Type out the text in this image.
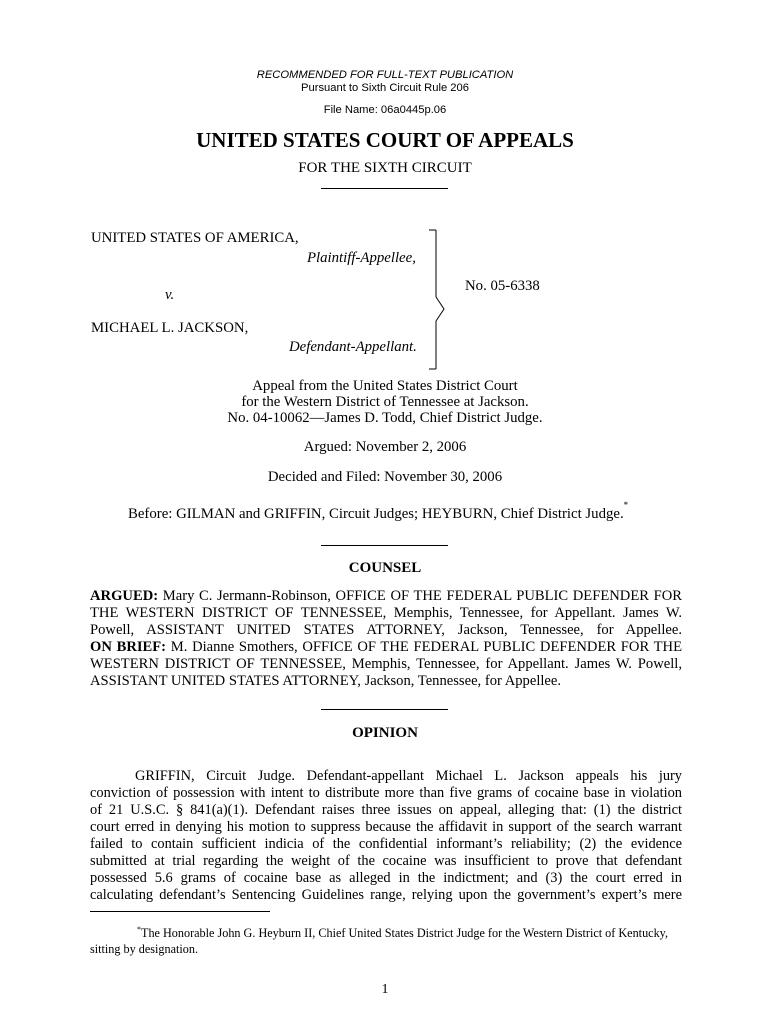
RECOMMENDED FOR FULL-TEXT PUBLICATION
Pursuant to Sixth Circuit Rule 206
File Name: 06a0445p.06
UNITED STATES COURT OF APPEALS
FOR THE SIXTH CIRCUIT
UNITED STATES OF AMERICA,
Plaintiff-Appellee,
v.
MICHAEL L. JACKSON,
Defendant-Appellant.
No. 05-6338
Appeal from the United States District Court
for the Western District of Tennessee at Jackson.
No. 04-10062—James D. Todd, Chief District Judge.
Argued: November 2, 2006
Decided and Filed: November 30, 2006
Before: GILMAN and GRIFFIN, Circuit Judges; HEYBURN, Chief District Judge.*
COUNSEL
ARGUED: Mary C. Jermann-Robinson, OFFICE OF THE FEDERAL PUBLIC DEFENDER FOR
THE WESTERN DISTRICT OF TENNESSEE, Memphis, Tennessee, for Appellant. James W.
Powell, ASSISTANT UNITED STATES ATTORNEY, Jackson, Tennessee, for Appellee.
ON BRIEF: M. Dianne Smothers, OFFICE OF THE FEDERAL PUBLIC DEFENDER FOR THE
WESTERN DISTRICT OF TENNESSEE, Memphis, Tennessee, for Appellant. James W. Powell,
ASSISTANT UNITED STATES ATTORNEY, Jackson, Tennessee, for Appellee.
OPINION
GRIFFIN, Circuit Judge. Defendant-appellant Michael L. Jackson appeals his jury
conviction of possession with intent to distribute more than five grams of cocaine base in violation
of 21 U.S.C. § 841(a)(1). Defendant raises three issues on appeal, alleging that: (1) the district
court erred in denying his motion to suppress because the affidavit in support of the search warrant
failed to contain sufficient indicia of the confidential informant’s reliability; (2) the evidence
submitted at trial regarding the weight of the cocaine was insufficient to prove that defendant
possessed 5.6 grams of cocaine base as alleged in the indictment; and (3) the court erred in
calculating defendant’s Sentencing Guidelines range, relying upon the government’s expert’s mere
*The Honorable John G. Heyburn II, Chief United States District Judge for the Western District of Kentucky,
sitting by designation.
1
